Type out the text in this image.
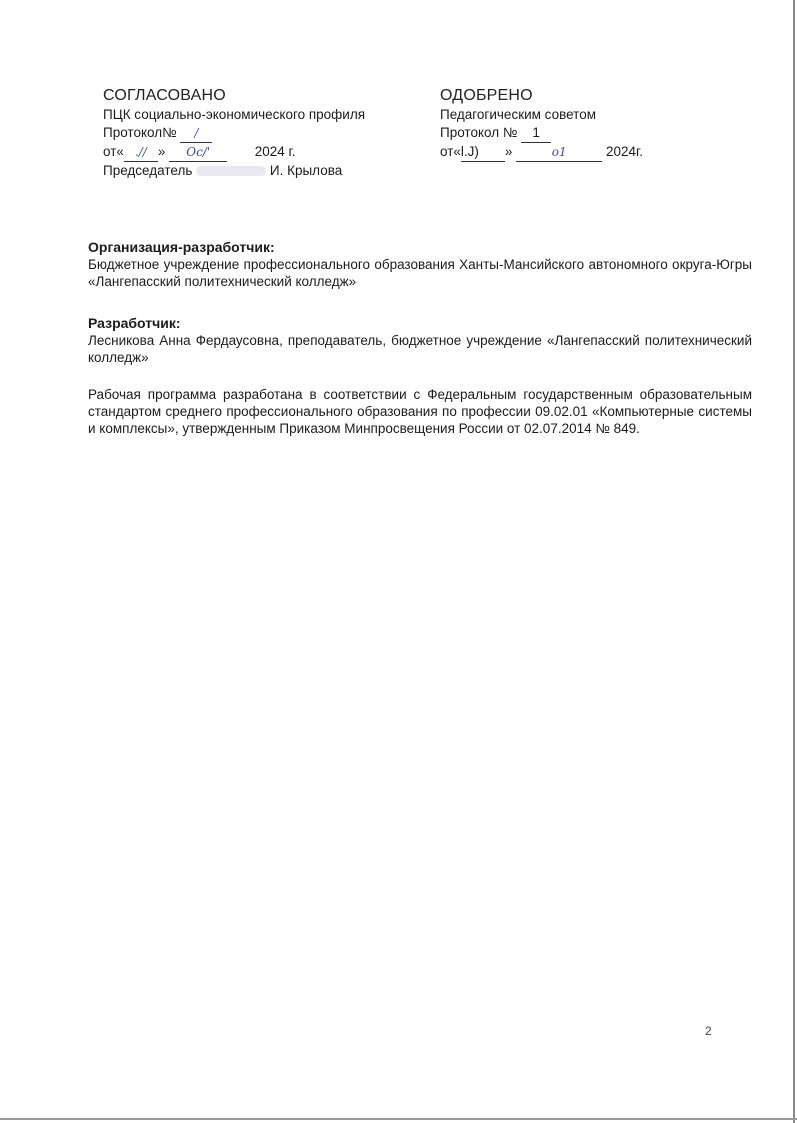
СОГЛАСОВАНО
ПЦК социально-экономического профиля
Протокол№ /
от« .// » Oc/'	2024 г.
Председатель	И. Крылова
ОДОБРЕНО
Педагогическим советом
Протокол № 1
от«l.J) »	o1	2024г.
Организация-разработчик:
Бюджетное учреждение профессионального образования Ханты-Мансийского автономного округа-Югры «Лангепасский политехнический колледж»
Разработчик:
Лесникова Анна Фердаусовна, преподаватель, бюджетное учреждение «Лангепасский политехнический колледж»
Рабочая программа разработана в соответствии с Федеральным государственным образовательным стандартом среднего профессионального образования по профессии 09.02.01 «Компьютерные системы и комплексы», утвержденным Приказом Минпросвещения России от 02.07.2014 № 849.
2
